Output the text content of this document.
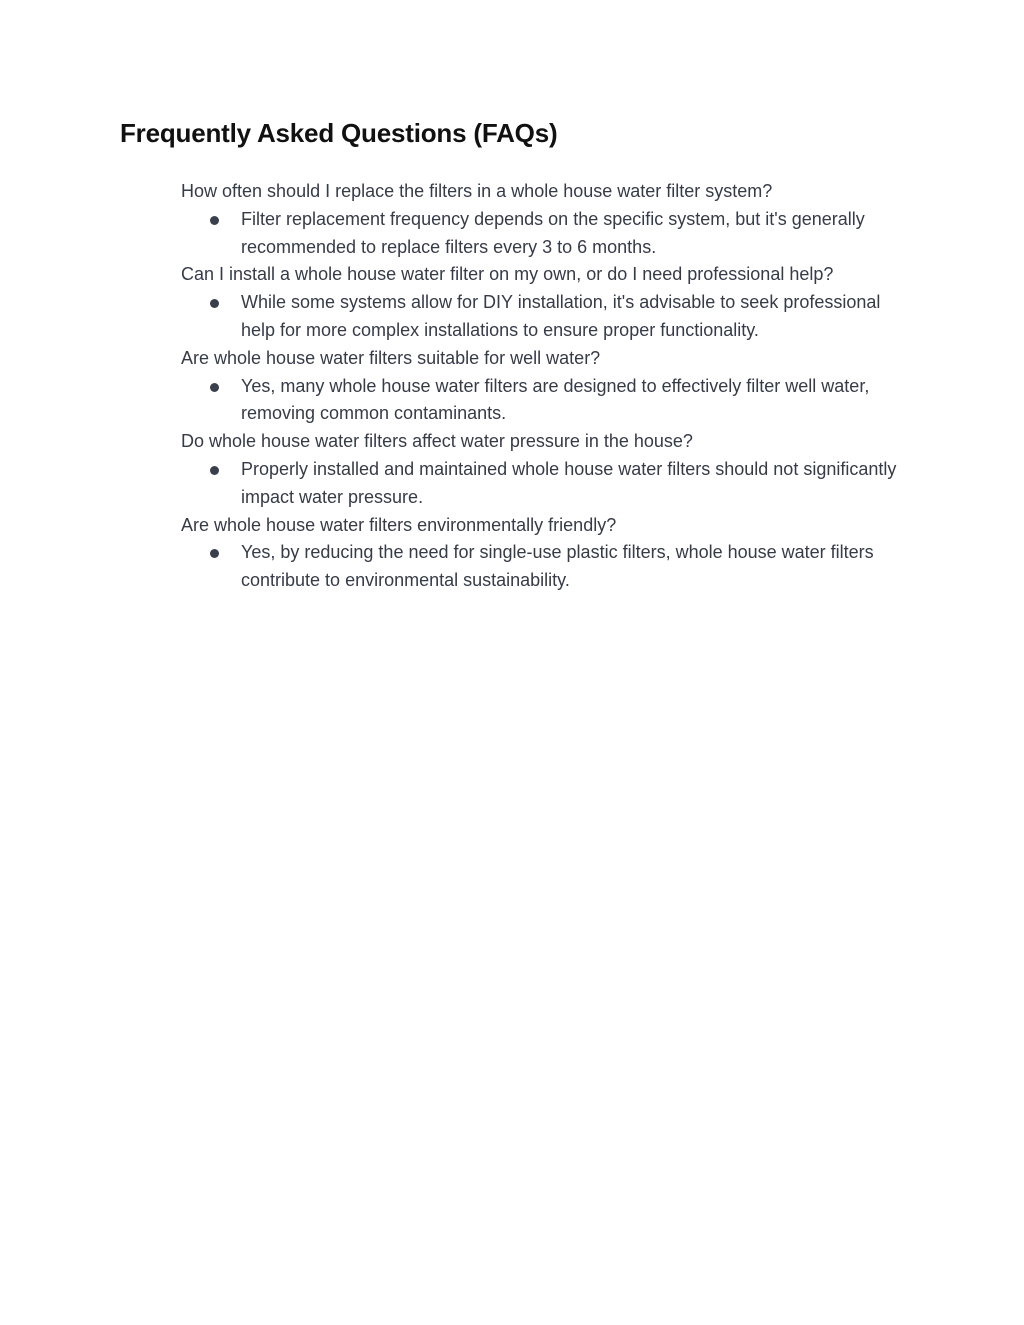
Frequently Asked Questions (FAQs)
How often should I replace the filters in a whole house water filter system?
Filter replacement frequency depends on the specific system, but it's generally recommended to replace filters every 3 to 6 months.
Can I install a whole house water filter on my own, or do I need professional help?
While some systems allow for DIY installation, it's advisable to seek professional help for more complex installations to ensure proper functionality.
Are whole house water filters suitable for well water?
Yes, many whole house water filters are designed to effectively filter well water, removing common contaminants.
Do whole house water filters affect water pressure in the house?
Properly installed and maintained whole house water filters should not significantly impact water pressure.
Are whole house water filters environmentally friendly?
Yes, by reducing the need for single-use plastic filters, whole house water filters contribute to environmental sustainability.
